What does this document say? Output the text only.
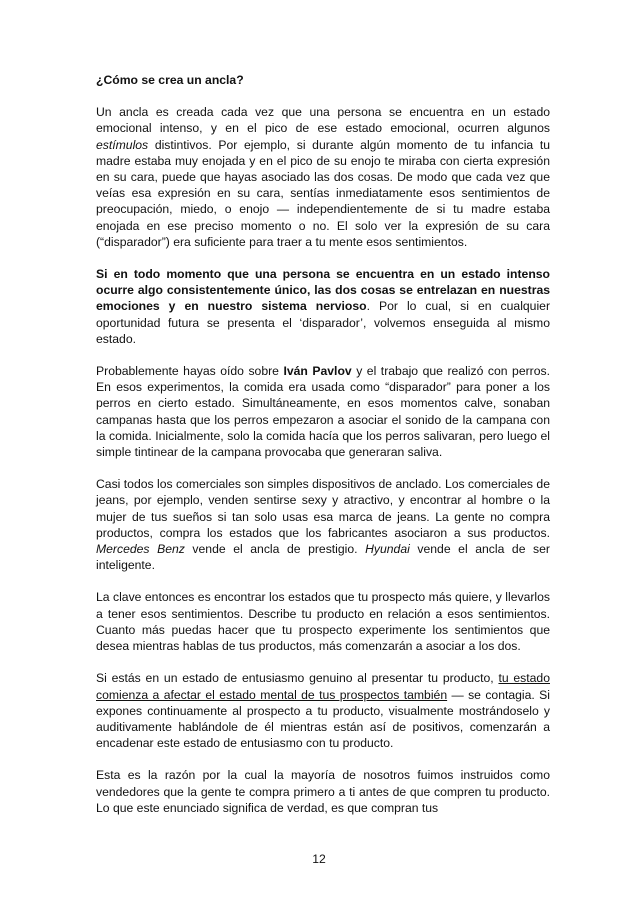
¿Cómo se crea un ancla?

Un ancla es creada cada vez que una persona se encuentra en un estado emocional intenso, y en el pico de ese estado emocional, ocurren algunos estímulos distintivos. Por ejemplo, si durante algún momento de tu infancia tu madre estaba muy enojada y en el pico de su enojo te miraba con cierta expresión en su cara, puede que hayas asociado las dos cosas. De modo que cada vez que veías esa expresión en su cara, sentías inmediatamente esos sentimientos de preocupación, miedo, o enojo — independientemente de si tu madre estaba enojada en ese preciso momento o no. El solo ver la expresión de su cara (“disparador”) era suficiente para traer a tu mente esos sentimientos.

Si en todo momento que una persona se encuentra en un estado intenso ocurre algo consistentemente único, las dos cosas se entrelazan en nuestras emociones y en nuestro sistema nervioso. Por lo cual, si en cualquier oportunidad futura se presenta el ‘disparador’, volvemos enseguida al mismo estado.

Probablemente hayas oído sobre Iván Pavlov y el trabajo que realizó con perros. En esos experimentos, la comida era usada como “disparador” para poner a los perros en cierto estado. Simultáneamente, en esos momentos calve, sonaban campanas hasta que los perros empezaron a asociar el sonido de la campana con la comida. Inicialmente, solo la comida hacía que los perros salivaran, pero luego el simple tintinear de la campana provocaba que generaran saliva.

Casi todos los comerciales son simples dispositivos de anclado. Los comerciales de jeans, por ejemplo, venden sentirse sexy y atractivo, y encontrar al hombre o la mujer de tus sueños si tan solo usas esa marca de jeans. La gente no compra productos, compra los estados que los fabricantes asociaron a sus productos. Mercedes Benz vende el ancla de prestigio. Hyundai vende el ancla de ser inteligente.

La clave entonces es encontrar los estados que tu prospecto más quiere, y llevarlos a tener esos sentimientos. Describe tu producto en relación a esos sentimientos. Cuanto más puedas hacer que tu prospecto experimente los sentimientos que desea mientras hablas de tus productos, más comenzarán a asociar a los dos.

Si estás en un estado de entusiasmo genuino al presentar tu producto, tu estado comienza a afectar el estado mental de tus prospectos también — se contagia. Si expones continuamente al prospecto a tu producto, visualmente mostrándoselo y auditivamente hablándole de él mientras están así de positivos, comenzarán a encadenar este estado de entusiasmo con tu producto.

Esta es la razón por la cual la mayoría de nosotros fuimos instruidos como vendedores que la gente te compra primero a ti antes de que compren tu producto. Lo que este enunciado significa de verdad, es que compran tus

12
